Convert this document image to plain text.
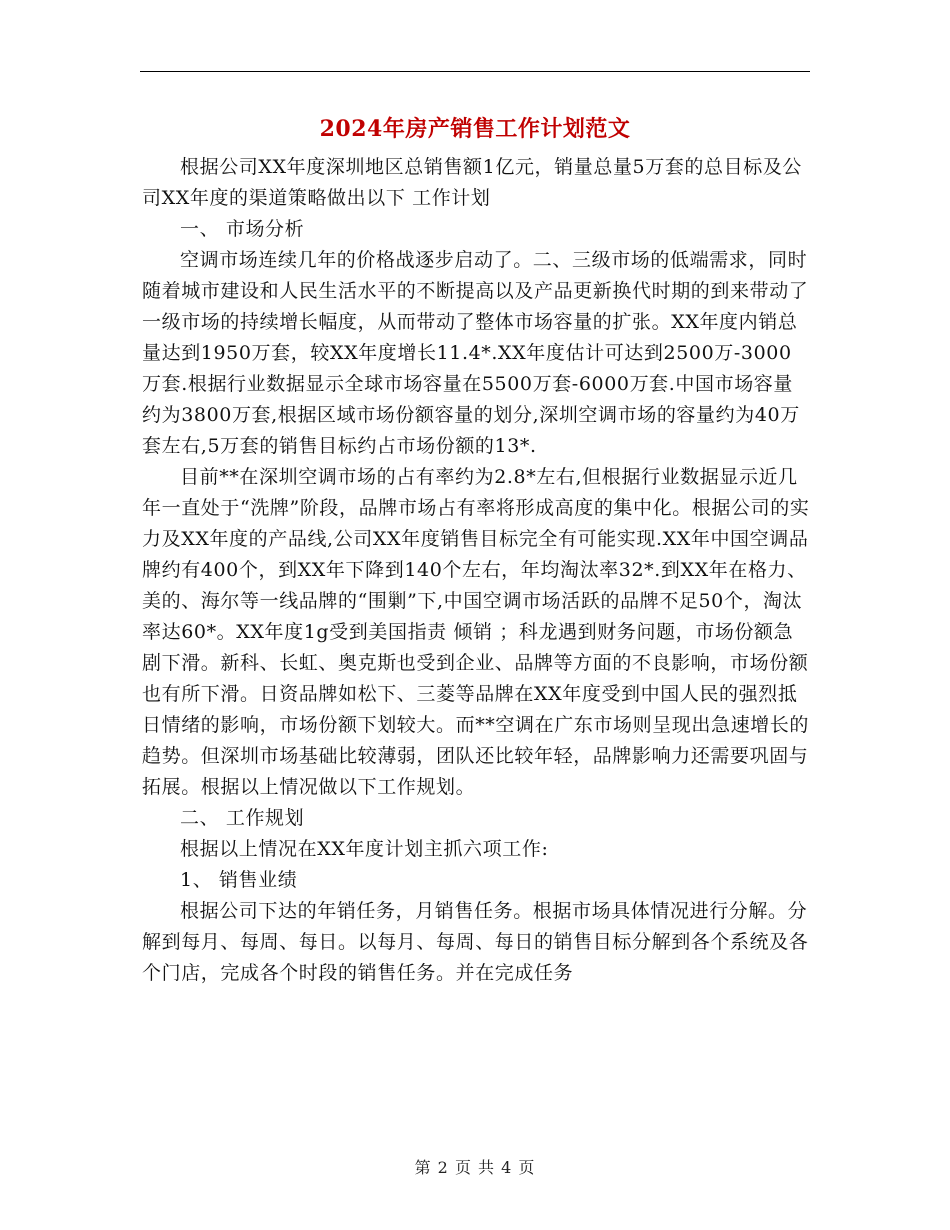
2024年房产销售工作计划范文

根据公司XX年度深圳地区总销售额1亿元，销量总量5万套的总目标及公司XX年度的渠道策略做出以下 工作计划

一、 市场分析

空调市场连续几年的价格战逐步启动了。二、三级市场的低端需求，同时随着城市建设和人民生活水平的不断提高以及产品更新换代时期的到来带动了一级市场的持续增长幅度，从而带动了整体市场容量的扩张。XX年度内销总量达到1950万套，较XX年度增长11.4*.XX年度估计可达到2500万-3000万套.根据行业数据显示全球市场容量在5500万套-6000万套.中国市场容量约为3800万套,根据区域市场份额容量的划分,深圳空调市场的容量约为40万套左右,5万套的销售目标约占市场份额的13*.

目前**在深圳空调市场的占有率约为2.8*左右,但根据行业数据显示近几年一直处于“洗牌”阶段，品牌市场占有率将形成高度的集中化。根据公司的实力及XX年度的产品线,公司XX年度销售目标完全有可能实现.XX年中国空调品牌约有400个，到XX年下降到140个左右，年均淘汰率32*.到XX年在格力、美的、海尔等一线品牌的“围剿”下,中国空调市场活跃的品牌不足50个，淘汰率达60*。XX年度1g受到美国指责 倾销 ；科龙遇到财务问题，市场份额急剧下滑。新科、长虹、奥克斯也受到企业、品牌等方面的不良影响，市场份额也有所下滑。日资品牌如松下、三菱等品牌在XX年度受到中国人民的强烈抵日情绪的影响，市场份额下划较大。而**空调在广东市场则呈现出急速增长的趋势。但深圳市场基础比较薄弱，团队还比较年轻，品牌影响力还需要巩固与拓展。根据以上情况做以下工作规划。

二、 工作规划

根据以上情况在XX年度计划主抓六项工作:

1、 销售业绩

根据公司下达的年销任务，月销售任务。根据市场具体情况进行分解。分解到每月、每周、每日。以每月、每周、每日的销售目标分解到各个系统及各个门店，完成各个时段的销售任务。并在完成任务

第 2 页 共 4 页
